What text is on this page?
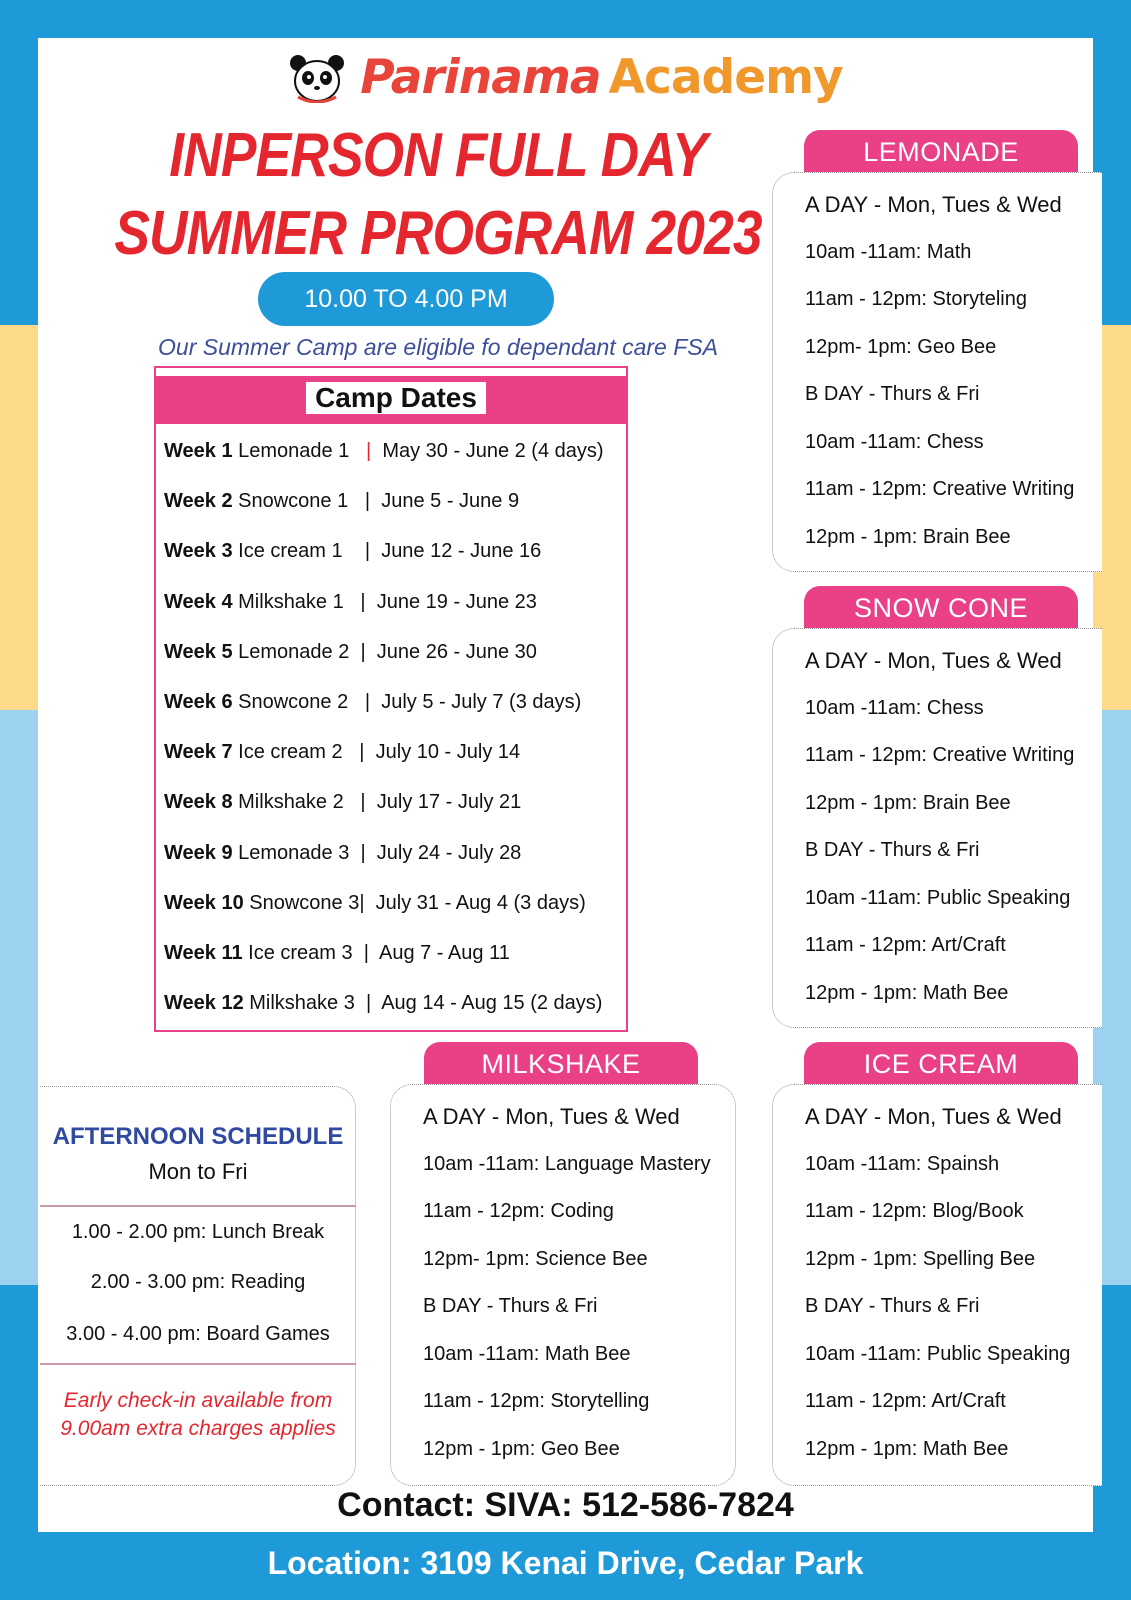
Parinama Academy
INPERSON FULL DAY
SUMMER PROGRAM 2023
10.00 TO 4.00 PM
Our Summer Camp are eligible fo dependant care FSA
Camp Dates
Week 1 Lemonade 1 | May 30 - June 2 (4 days)
Week 2 Snowcone 1 | June 5 - June 9
Week 3 Ice cream 1 | June 12 - June 16
Week 4 Milkshake 1 | June 19 - June 23
Week 5 Lemonade 2 | June 26 - June 30
Week 6 Snowcone 2 | July 5 - July 7 (3 days)
Week 7 Ice cream 2 | July 10 - July 14
Week 8 Milkshake 2 | July 17 - July 21
Week 9 Lemonade 3 | July 24 - July 28
Week 10 Snowcone 3| July 31 - Aug 4 (3 days)
Week 11 Ice cream 3 | Aug 7 - Aug 11
Week 12 Milkshake 3 | Aug 14 - Aug 15 (2 days)
LEMONADE
A DAY - Mon, Tues & Wed
10am -11am: Math
11am - 12pm: Storyteling
12pm- 1pm: Geo Bee
B DAY - Thurs & Fri
10am -11am: Chess
11am - 12pm: Creative Writing
12pm - 1pm: Brain Bee
SNOW CONE
A DAY - Mon, Tues & Wed
10am -11am: Chess
11am - 12pm: Creative Writing
12pm - 1pm: Brain Bee
B DAY - Thurs & Fri
10am -11am: Public Speaking
11am - 12pm: Art/Craft
12pm - 1pm: Math Bee
MILKSHAKE
A DAY - Mon, Tues & Wed
10am -11am: Language Mastery
11am - 12pm: Coding
12pm- 1pm: Science Bee
B DAY - Thurs & Fri
10am -11am: Math Bee
11am - 12pm: Storytelling
12pm - 1pm: Geo Bee
ICE CREAM
A DAY - Mon, Tues & Wed
10am -11am: Spainsh
11am - 12pm: Blog/Book
12pm - 1pm: Spelling Bee
B DAY - Thurs & Fri
10am -11am: Public Speaking
11am - 12pm: Art/Craft
12pm - 1pm: Math Bee
AFTERNOON SCHEDULE
Mon to Fri
1.00 - 2.00 pm: Lunch Break
2.00 - 3.00 pm: Reading
3.00 - 4.00 pm: Board Games
Early check-in available from
9.00am extra charges applies
Contact: SIVA: 512-586-7824
Location: 3109 Kenai Drive, Cedar Park
